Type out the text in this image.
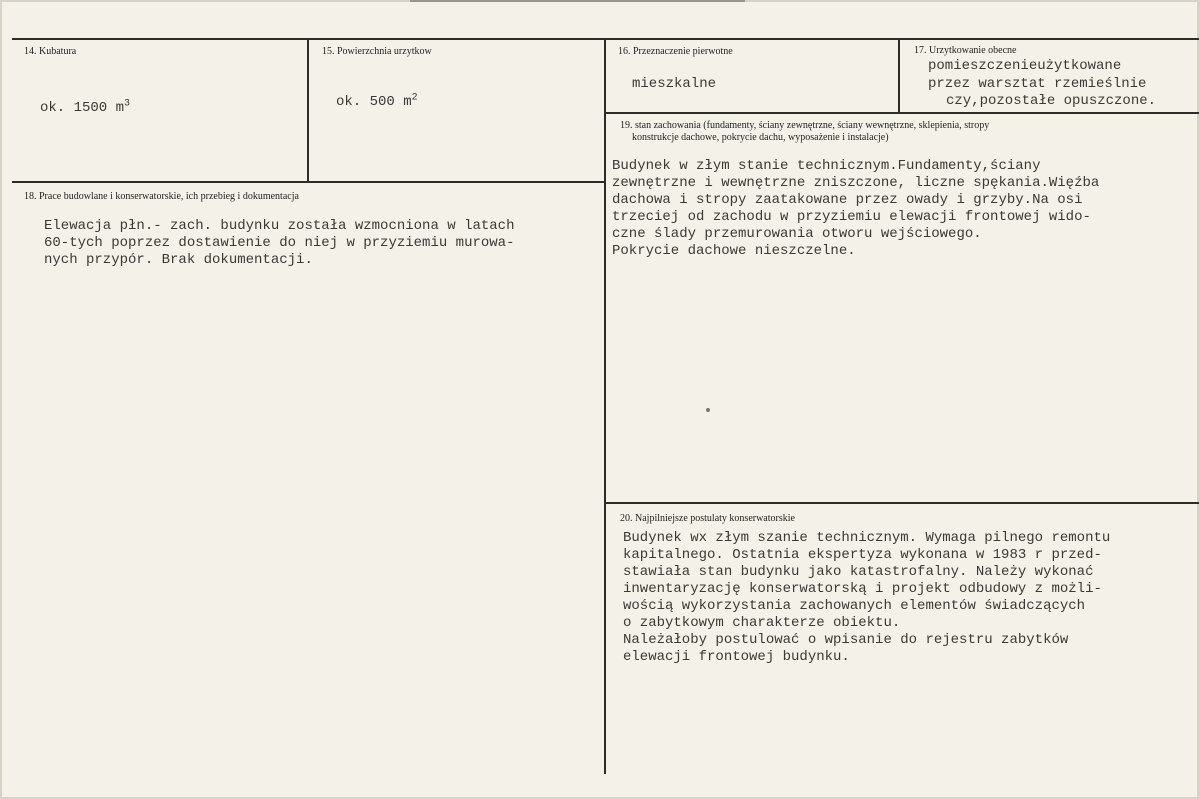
14. Kubatura
ok. 1500 $m^3$
15. Powierzchnia urzytkow
ok. 500 $m^2$
16. Przeznaczenie pierwotne
mieszkalne
17. Urzytkowanie obecne
pomieszczenieużytkowane
przez warsztat rzemieślnie
czy,pozostałe opuszczone.
19. stan zachowania (fundamenty, ściany zewnętrzne, ściany wewnętrzne, sklepienia, stropy
konstrukcje dachowe, pokrycie dachu, wyposażenie i instalacje)
Budynek w złym stanie technicznym.Fundamenty,ściany
zewnętrzne i wewnętrzne zniszczone, liczne spękania.Więźba
dachowa i stropy zaatakowane przez owady i grzyby.Na osi
trzeciej od zachodu w przyziemiu elewacji frontowej wido-
czne ślady przemurowania otworu wejściowego.
Pokrycie dachowe nieszczelne.
18. Prace budowlane i konserwatorskie, ich przebieg i dokumentacja
Elewacja płn.- zach. budynku została wzmocniona w latach
60-tych poprzez dostawienie do niej w przyziemiu murowa-
nych przypór. Brak dokumentacji.
20. Najpilniejsze postulaty konserwatorskie
Budynek wx złym szanie technicznym. Wymaga pilnego remontu
kapitalnego. Ostatnia ekspertyza wykonana w 1983 r przed-
stawiała stan budynku jako katastrofalny. Należy wykonać
inwentaryzację konserwatorską i projekt odbudowy z możli-
wością wykorzystania zachowanych elementów świadczących
o zabytkowym charakterze obiektu.
Należałoby postulować o wpisanie do rejestru zabytków
elewacji frontowej budynku.
